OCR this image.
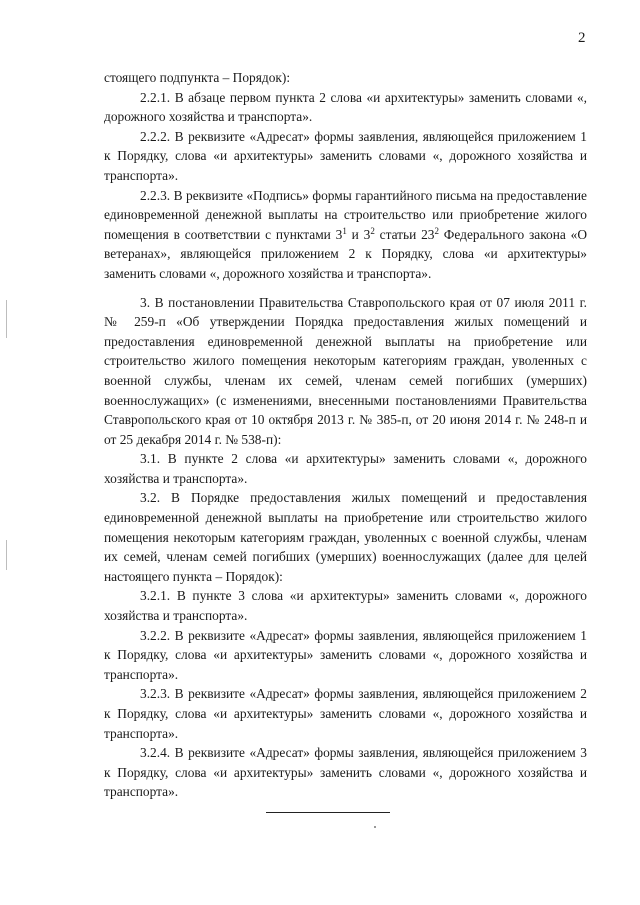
2

стоящего подпункта – Порядок):

2.2.1. В абзаце первом пункта 2 слова «и архитектуры» заменить словами «, дорожного хозяйства и транспорта».

2.2.2. В реквизите «Адресат» формы заявления, являющейся приложением 1 к Порядку, слова «и архитектуры» заменить словами «, дорожного хозяйства и транспорта».

2.2.3. В реквизите «Подпись» формы гарантийного письма на предоставление единовременной денежной выплаты на строительство или приобретение жилого помещения в соответствии с пунктами $3^1$ и $3^2$ статьи $23^2$ Федерального закона «О ветеранах», являющейся приложением 2 к Порядку, слова «и архитектуры» заменить словами «, дорожного хозяйства и транспорта».

3. В постановлении Правительства Ставропольского края от 07 июля 2011 г. № 259-п «Об утверждении Порядка предоставления жилых помещений и предоставления единовременной денежной выплаты на приобретение или строительство жилого помещения некоторым категориям граждан, уволенных с военной службы, членам их семей, членам семей погибших (умерших) военнослужащих» (с изменениями, внесенными постановлениями Правительства Ставропольского края от 10 октября 2013 г. № 385-п, от 20 июня 2014 г. № 248-п и от 25 декабря 2014 г. № 538-п):

3.1. В пункте 2 слова «и архитектуры» заменить словами «, дорожного хозяйства и транспорта».

3.2. В Порядке предоставления жилых помещений и предоставления единовременной денежной выплаты на приобретение или строительство жилого помещения некоторым категориям граждан, уволенных с военной службы, членам их семей, членам семей погибших (умерших) военнослужащих (далее для целей настоящего пункта – Порядок):

3.2.1. В пункте 3 слова «и архитектуры» заменить словами «, дорожного хозяйства и транспорта».

3.2.2. В реквизите «Адресат» формы заявления, являющейся приложением 1 к Порядку, слова «и архитектуры» заменить словами «, дорожного хозяйства и транспорта».

3.2.3. В реквизите «Адресат» формы заявления, являющейся приложением 2 к Порядку, слова «и архитектуры» заменить словами «, дорожного хозяйства и транспорта».

3.2.4. В реквизите «Адресат» формы заявления, являющейся приложением 3 к Порядку, слова «и архитектуры» заменить словами «, дорожного хозяйства и транспорта».
